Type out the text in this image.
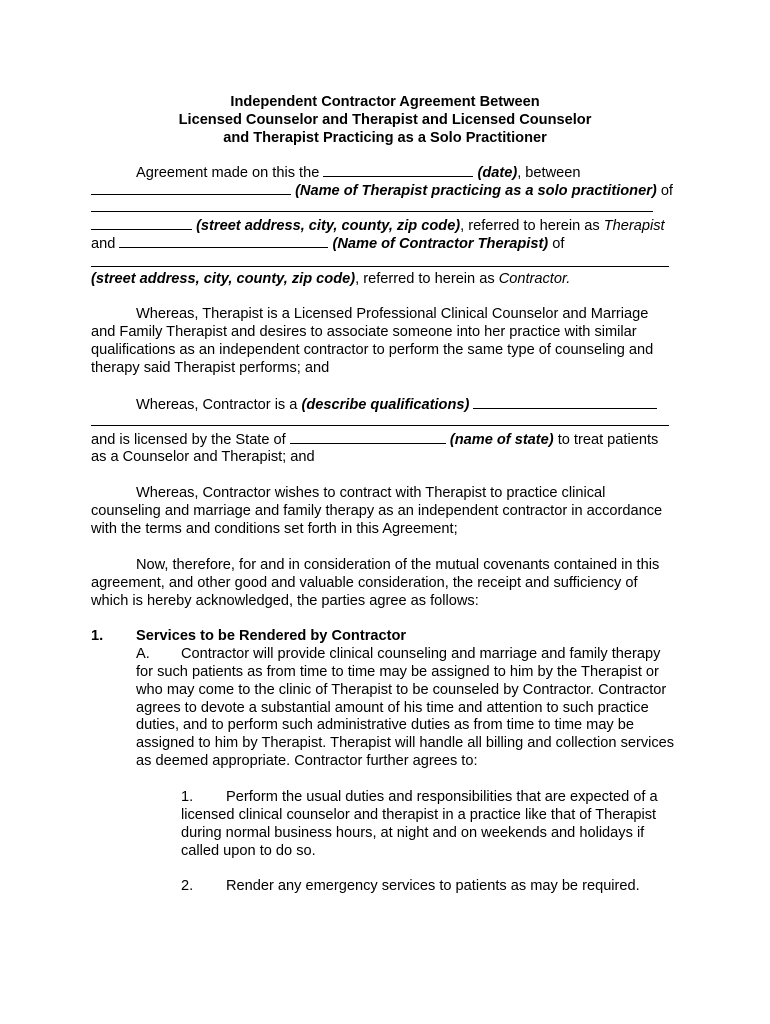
Independent Contractor Agreement Between
Licensed Counselor and Therapist and Licensed Counselor
and Therapist Practicing as a Solo Practitioner
Agreement made on this the	(date), between
(Name of Therapist practicing as a solo practitioner) of
(street address, city, county, zip code), referred to herein as Therapist
and	(Name of Contractor Therapist) of
(street address, city, county, zip code), referred to herein as Contractor.
Whereas, Therapist is a Licensed Professional Clinical Counselor and Marriage
and Family Therapist and desires to associate someone into her practice with similar
qualifications as an independent contractor to perform the same type of counseling and
therapy said Therapist performs; and
Whereas, Contractor is a (describe qualifications)
and is licensed by the State of	(name of state) to treat patients
as a Counselor and Therapist; and
Whereas, Contractor wishes to contract with Therapist to practice clinical
counseling and marriage and family therapy as an independent contractor in accordance
with the terms and conditions set forth in this Agreement;
Now, therefore, for and in consideration of the mutual covenants contained in this
agreement, and other good and valuable consideration, the receipt and sufficiency of
which is hereby acknowledged, the parties agree as follows:
1. Services to be Rendered by Contractor
A. Contractor will provide clinical counseling and marriage and family therapy
for such patients as from time to time may be assigned to him by the Therapist or
who may come to the clinic of Therapist to be counseled by Contractor. Contractor
agrees to devote a substantial amount of his time and attention to such practice
duties, and to perform such administrative duties as from time to time may be
assigned to him by Therapist. Therapist will handle all billing and collection services
as deemed appropriate. Contractor further agrees to:
1. Perform the usual duties and responsibilities that are expected of a
licensed clinical counselor and therapist in a practice like that of Therapist
during normal business hours, at night and on weekends and holidays if
called upon to do so.
2. Render any emergency services to patients as may be required.
